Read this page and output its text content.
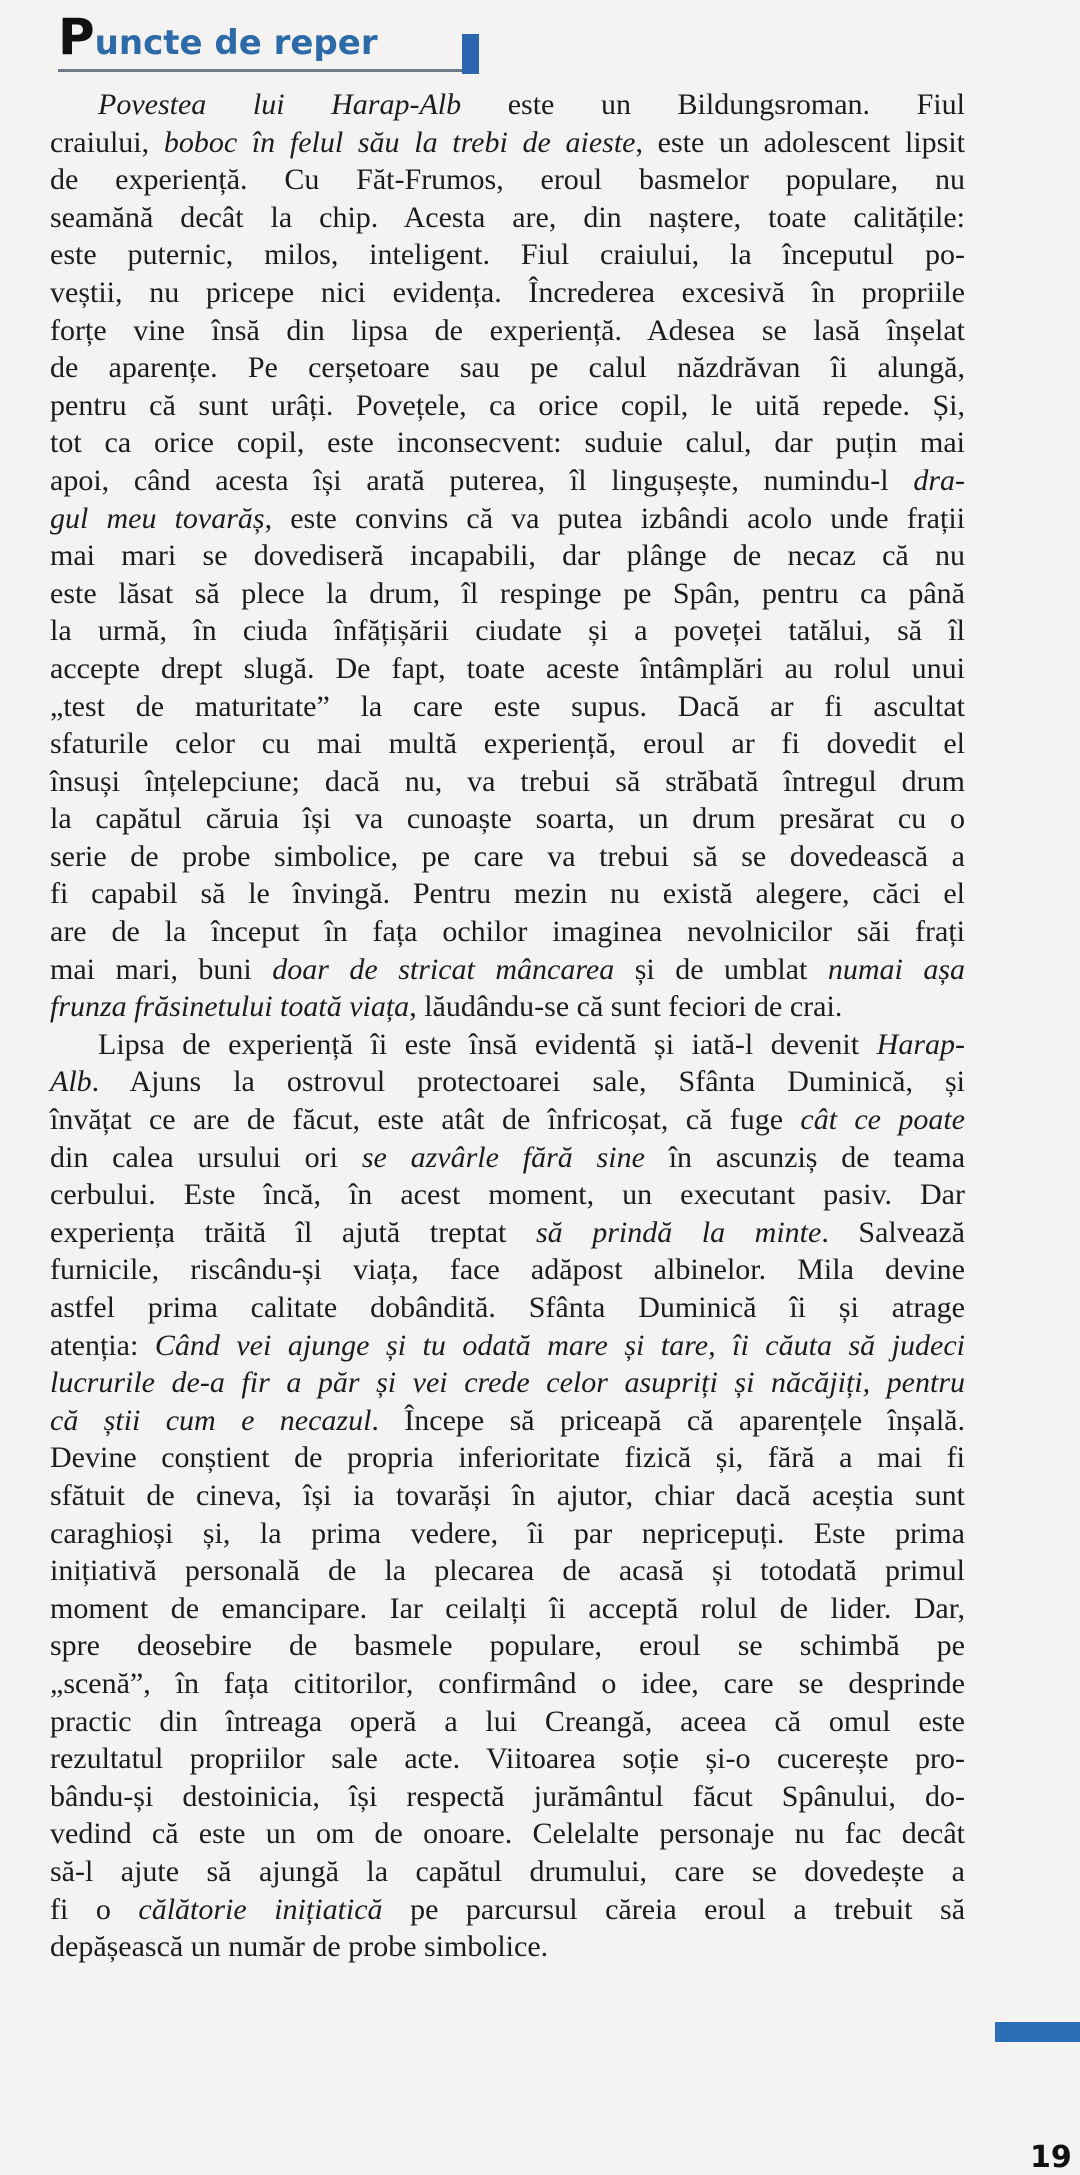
Puncte de reper
Povestea lui Harap-Alb este un Bildungsroman. Fiul
craiului, boboc în felul său la trebi de aieste, este un adolescent lipsit
de experiență. Cu Făt-Frumos, eroul basmelor populare, nu
seamănă decât la chip. Acesta are, din naștere, toate calitățile:
este puternic, milos, inteligent. Fiul craiului, la începutul po-
veștii, nu pricepe nici evidența. Încrederea excesivă în propriile
forțe vine însă din lipsa de experiență. Adesea se lasă înșelat
de aparențe. Pe cerșetoare sau pe calul năzdrăvan îi alungă,
pentru că sunt urâți. Povețele, ca orice copil, le uită repede. Și,
tot ca orice copil, este inconsecvent: suduie calul, dar puțin mai
apoi, când acesta își arată puterea, îl lingușește, numindu-l dra-
gul meu tovarăș, este convins că va putea izbândi acolo unde frații
mai mari se dovediseră incapabili, dar plânge de necaz că nu
este lăsat să plece la drum, îl respinge pe Spân, pentru ca până
la urmă, în ciuda înfățișării ciudate și a poveței tatălui, să îl
accepte drept slugă. De fapt, toate aceste întâmplări au rolul unui
„test de maturitate” la care este supus. Dacă ar fi ascultat
sfaturile celor cu mai multă experiență, eroul ar fi dovedit el
însuși înțelepciune; dacă nu, va trebui să străbată întregul drum
la capătul căruia își va cunoaște soarta, un drum presărat cu o
serie de probe simbolice, pe care va trebui să se dovedească a
fi capabil să le învingă. Pentru mezin nu există alegere, căci el
are de la început în fața ochilor imaginea nevolnicilor săi frați
mai mari, buni doar de stricat mâncarea și de umblat numai așa
frunza frăsinetului toată viața, lăudându-se că sunt feciori de crai.
Lipsa de experiență îi este însă evidentă și iată-l devenit Harap-
Alb. Ajuns la ostrovul protectoarei sale, Sfânta Duminică, și
învățat ce are de făcut, este atât de înfricoșat, că fuge cât ce poate
din calea ursului ori se azvârle fără sine în ascunziș de teama
cerbului. Este încă, în acest moment, un executant pasiv. Dar
experiența trăită îl ajută treptat să prindă la minte. Salvează
furnicile, riscându-și viața, face adăpost albinelor. Mila devine
astfel prima calitate dobândită. Sfânta Duminică îi și atrage
atenția: Când vei ajunge și tu odată mare și tare, îi căuta să judeci
lucrurile de-a fir a păr și vei crede celor asupriți și năcăjiți, pentru
că știi cum e necazul. Începe să priceapă că aparențele înșală.
Devine conștient de propria inferioritate fizică și, fără a mai fi
sfătuit de cineva, își ia tovarăși în ajutor, chiar dacă aceștia sunt
caraghioși și, la prima vedere, îi par nepricepuți. Este prima
inițiativă personală de la plecarea de acasă și totodată primul
moment de emancipare. Iar ceilalți îi acceptă rolul de lider. Dar,
spre deosebire de basmele populare, eroul se schimbă pe
„scenă”, în fața cititorilor, confirmând o idee, care se desprinde
practic din întreaga operă a lui Creangă, aceea că omul este
rezultatul propriilor sale acte. Viitoarea soție și-o cucerește pro-
bându-și destoinicia, își respectă jurământul făcut Spânului, do-
vedind că este un om de onoare. Celelalte personaje nu fac decât
să-l ajute să ajungă la capătul drumului, care se dovedește a
fi o călătorie inițiatică pe parcursul căreia eroul a trebuit să
depășească un număr de probe simbolice.
19
